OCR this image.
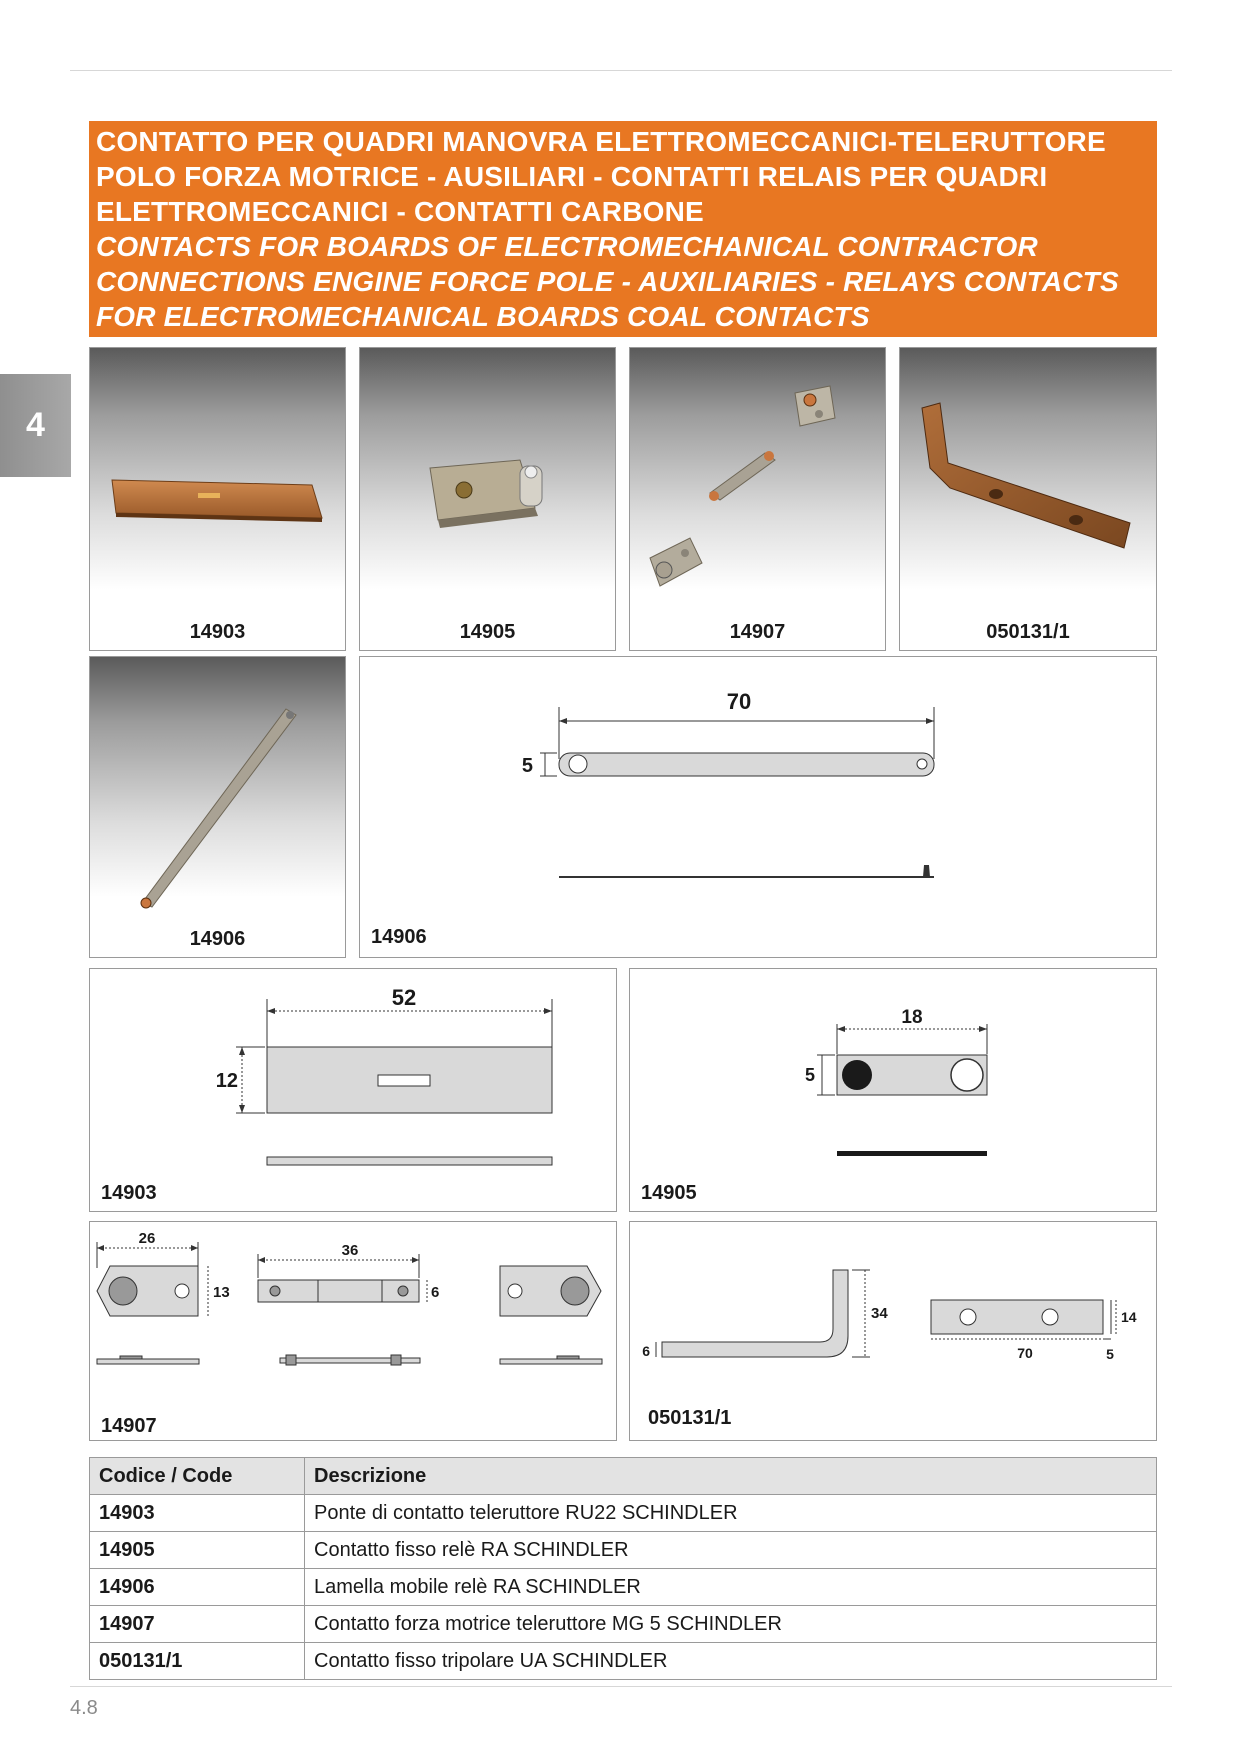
4
CONTATTO PER QUADRI MANOVRA ELETTROMECCANICI-TELERUTTORE
POLO FORZA MOTRICE - AUSILIARI - CONTATTI RELAIS PER QUADRI
ELETTROMECCANICI - CONTATTI CARBONE
CONTACTS FOR BOARDS OF ELECTROMECHANICAL CONTRACTOR
CONNECTIONS ENGINE FORCE POLE - AUXILIARIES - RELAYS CONTACTS
FOR ELECTROMECHANICAL BOARDS COAL CONTACTS
14903	14905	14907	050131/1
14906
70
5
14906
52
12
14903
18
5
14905
26
13
36
6
14907
34
6
14
70	5
050131/1
Codice / Code	Descrizione
14903	Ponte di contatto teleruttore RU22 SCHINDLER
14905	Contatto fisso relè RA SCHINDLER
14906	Lamella mobile relè RA SCHINDLER
14907	Contatto forza motrice teleruttore MG 5 SCHINDLER
050131/1	Contatto fisso tripolare UA SCHINDLER
4.8
